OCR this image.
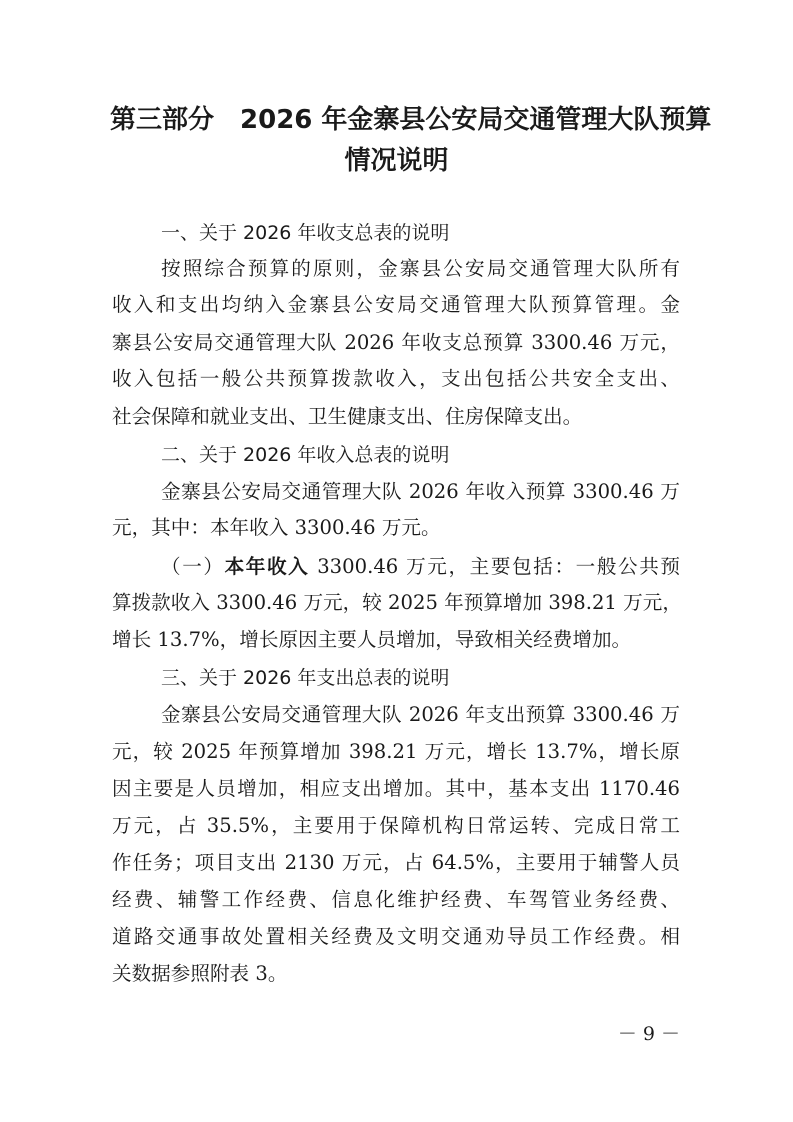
第三部分 2026 年金寨县公安局交通管理大队预算
情况说明

一、关于 2026 年收支总表的说明

按照综合预算的原则，金寨县公安局交通管理大队所有

收入和支出均纳入金寨县公安局交通管理大队预算管理。金

寨县公安局交通管理大队 2026 年收支总预算 3300.46 万元，

收入包括一般公共预算拨款收入，支出包括公共安全支出、

社会保障和就业支出、卫生健康支出、住房保障支出。

二、关于 2026 年收入总表的说明

金寨县公安局交通管理大队 2026 年收入预算 3300.46 万

元，其中：本年收入 3300.46 万元。

（一）本年收入 3300.46 万元，主要包括：一般公共预

算拨款收入 3300.46 万元，较 2025 年预算增加 398.21 万元，

增长 13.7%，增长原因主要人员增加，导致相关经费增加。

三、关于 2026 年支出总表的说明

金寨县公安局交通管理大队 2026 年支出预算 3300.46 万

元，较 2025 年预算增加 398.21 万元，增长 13.7%，增长原

因主要是人员增加，相应支出增加。其中，基本支出 1170.46

万元，占 35.5%，主要用于保障机构日常运转、完成日常工

作任务；项目支出 2130 万元，占 64.5%，主要用于辅警人员

经费、辅警工作经费、信息化维护经费、车驾管业务经费、

道路交通事故处置相关经费及文明交通劝导员工作经费。相

关数据参照附表 3。

－ 9 －
